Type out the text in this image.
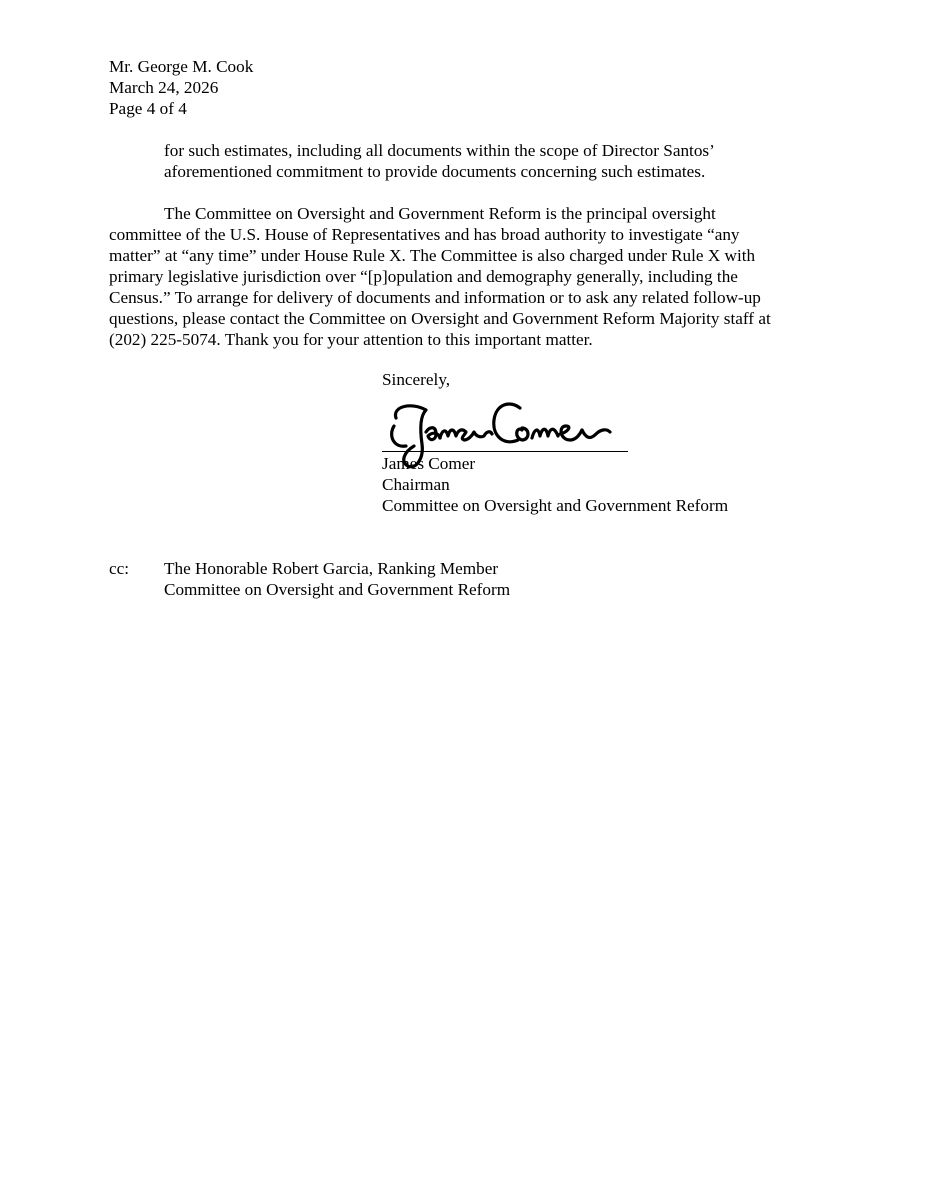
Mr. George M. Cook
March 24, 2026
Page 4 of 4
for such estimates, including all documents within the scope of Director Santos’
aforementioned commitment to provide documents concerning such estimates.
The Committee on Oversight and Government Reform is the principal oversight
committee of the U.S. House of Representatives and has broad authority to investigate “any
matter” at “any time” under House Rule X. The Committee is also charged under Rule X with
primary legislative jurisdiction over “[p]opulation and demography generally, including the
Census.” To arrange for delivery of documents and information or to ask any related follow-up
questions, please contact the Committee on Oversight and Government Reform Majority staff at
(202) 225-5074. Thank you for your attention to this important matter.
Sincerely,
James Comer
Chairman
Committee on Oversight and Government Reform
cc: The Honorable Robert Garcia, Ranking Member
Committee on Oversight and Government Reform
